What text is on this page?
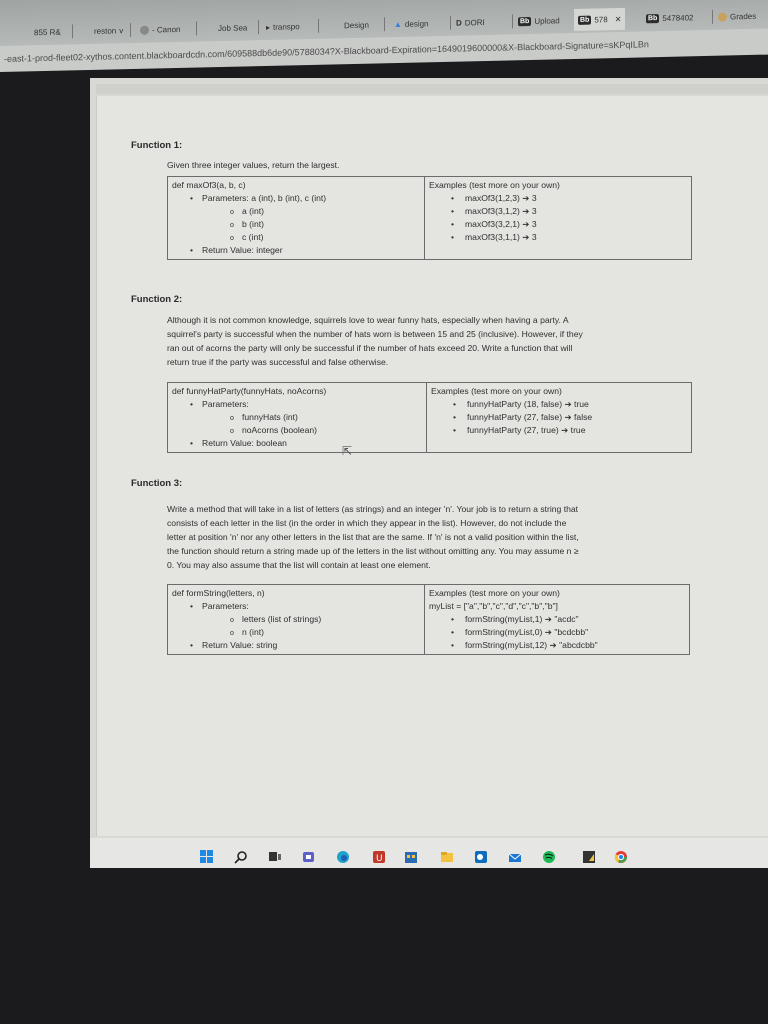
855 R&	reston v	- Canon	Job Sea ▸ transpo	Design	▲ design	D DORI	Bb Upload	Bb 578 ✕	Bb 5478402	Grades
-east-1-prod-fleet02-xythos.content.blackboardcdn.com/609588db6de90/5788034?X-Blackboard-Expiration=1649019600000&X-Blackboard-Signature=sKPqILBn
Function 1:
Given three integer values, return the largest.
def maxOf3(a, b, c)
• Parameters: a (int), b (int), c (int)
o a (int)
o b (int)
o c (int)
• Return Value: integer

Examples (test more on your own)
• maxOf3(1,2,3) ➔ 3
• maxOf3(3,1,2) ➔ 3
• maxOf3(3,2,1) ➔ 3
• maxOf3(3,1,1) ➔ 3
Function 2:
Although it is not common knowledge, squirrels love to wear funny hats, especially when having a party. A
squirrel's party is successful when the number of hats worn is between 15 and 25 (inclusive). However, if they
ran out of acorns the party will only be successful if the number of hats exceed 20. Write a function that will
return true if the party was successful and false otherwise.
def funnyHatParty(funnyHats, noAcorns)
• Parameters:
o funnyHats (int)
o noAcorns (boolean)
• Return Value: boolean

Examples (test more on your own)
• funnyHatParty (18, false) ➔ true
• funnyHatParty (27, false) ➔ false
• funnyHatParty (27, true) ➔ true
⇱
Function 3:
Write a method that will take in a list of letters (as strings) and an integer 'n'. Your job is to return a string that
consists of each letter in the list (in the order in which they appear in the list). However, do not include the
letter at position 'n' nor any other letters in the list that are the same. If 'n' is not a valid position within the list,
the function should return a string made up of the letters in the list without omitting any. You may assume n ≥
0. You may also assume that the list will contain at least one element.
def formString(letters, n)
• Parameters:
o letters (list of strings)
o n (int)
• Return Value: string

Examples (test more on your own)
myList = ["a","b","c","d","c","b","b"]
• formString(myList,1) ➔ "acdc"
• formString(myList,0) ➔ "bcdcbb"
• formString(myList,12) ➔ "abcdcbb"
U
